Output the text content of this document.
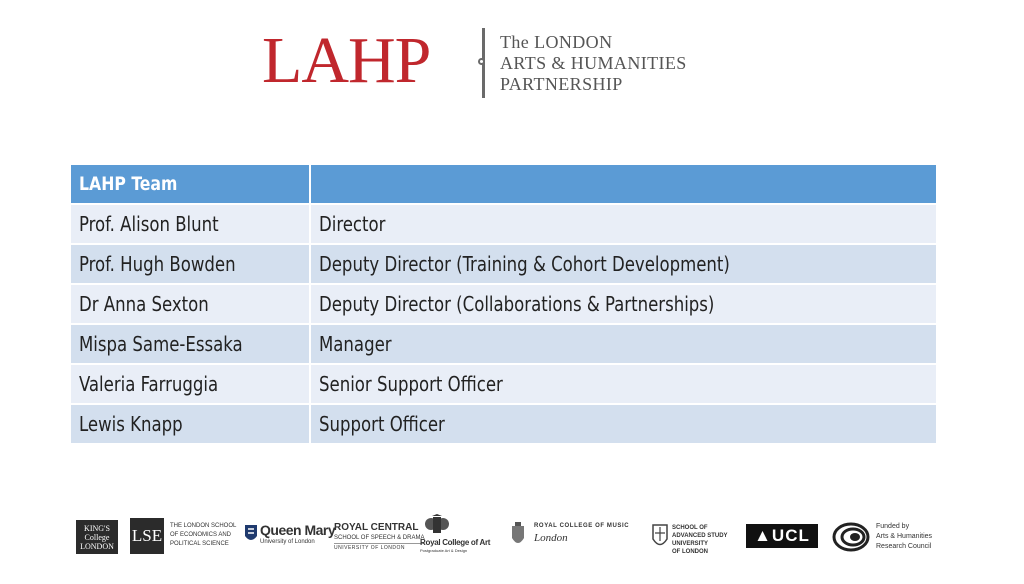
LAHP	The LONDON
ARTS & HUMANITIES
PARTNERSHIP
LAHP Team	
Prof. Alison Blunt	Director
Prof. Hugh Bowden	Deputy Director (Training & Cohort Development)
Dr Anna Sexton	Deputy Director (Collaborations & Partnerships)
Mispa Same-Essaka	Manager
Valeria Farruggia	Senior Support Officer
Lewis Knapp	Support Officer
KING'S
College
LONDON
LSE	THE LONDON SCHOOL
OF ECONOMICS AND
POLITICAL SCIENCE
Queen Mary
University of London
ROYAL CENTRAL
SCHOOL OF SPEECH & DRAMA
UNIVERSITY OF LONDON
Royal College of Art
Postgraduate Art & Design
ROYAL COLLEGE OF MUSIC
London
SCHOOL OF
ADVANCED STUDY
UNIVERSITY
OF LONDON
▲UCL	Funded by
Arts & Humanities
Research Council
